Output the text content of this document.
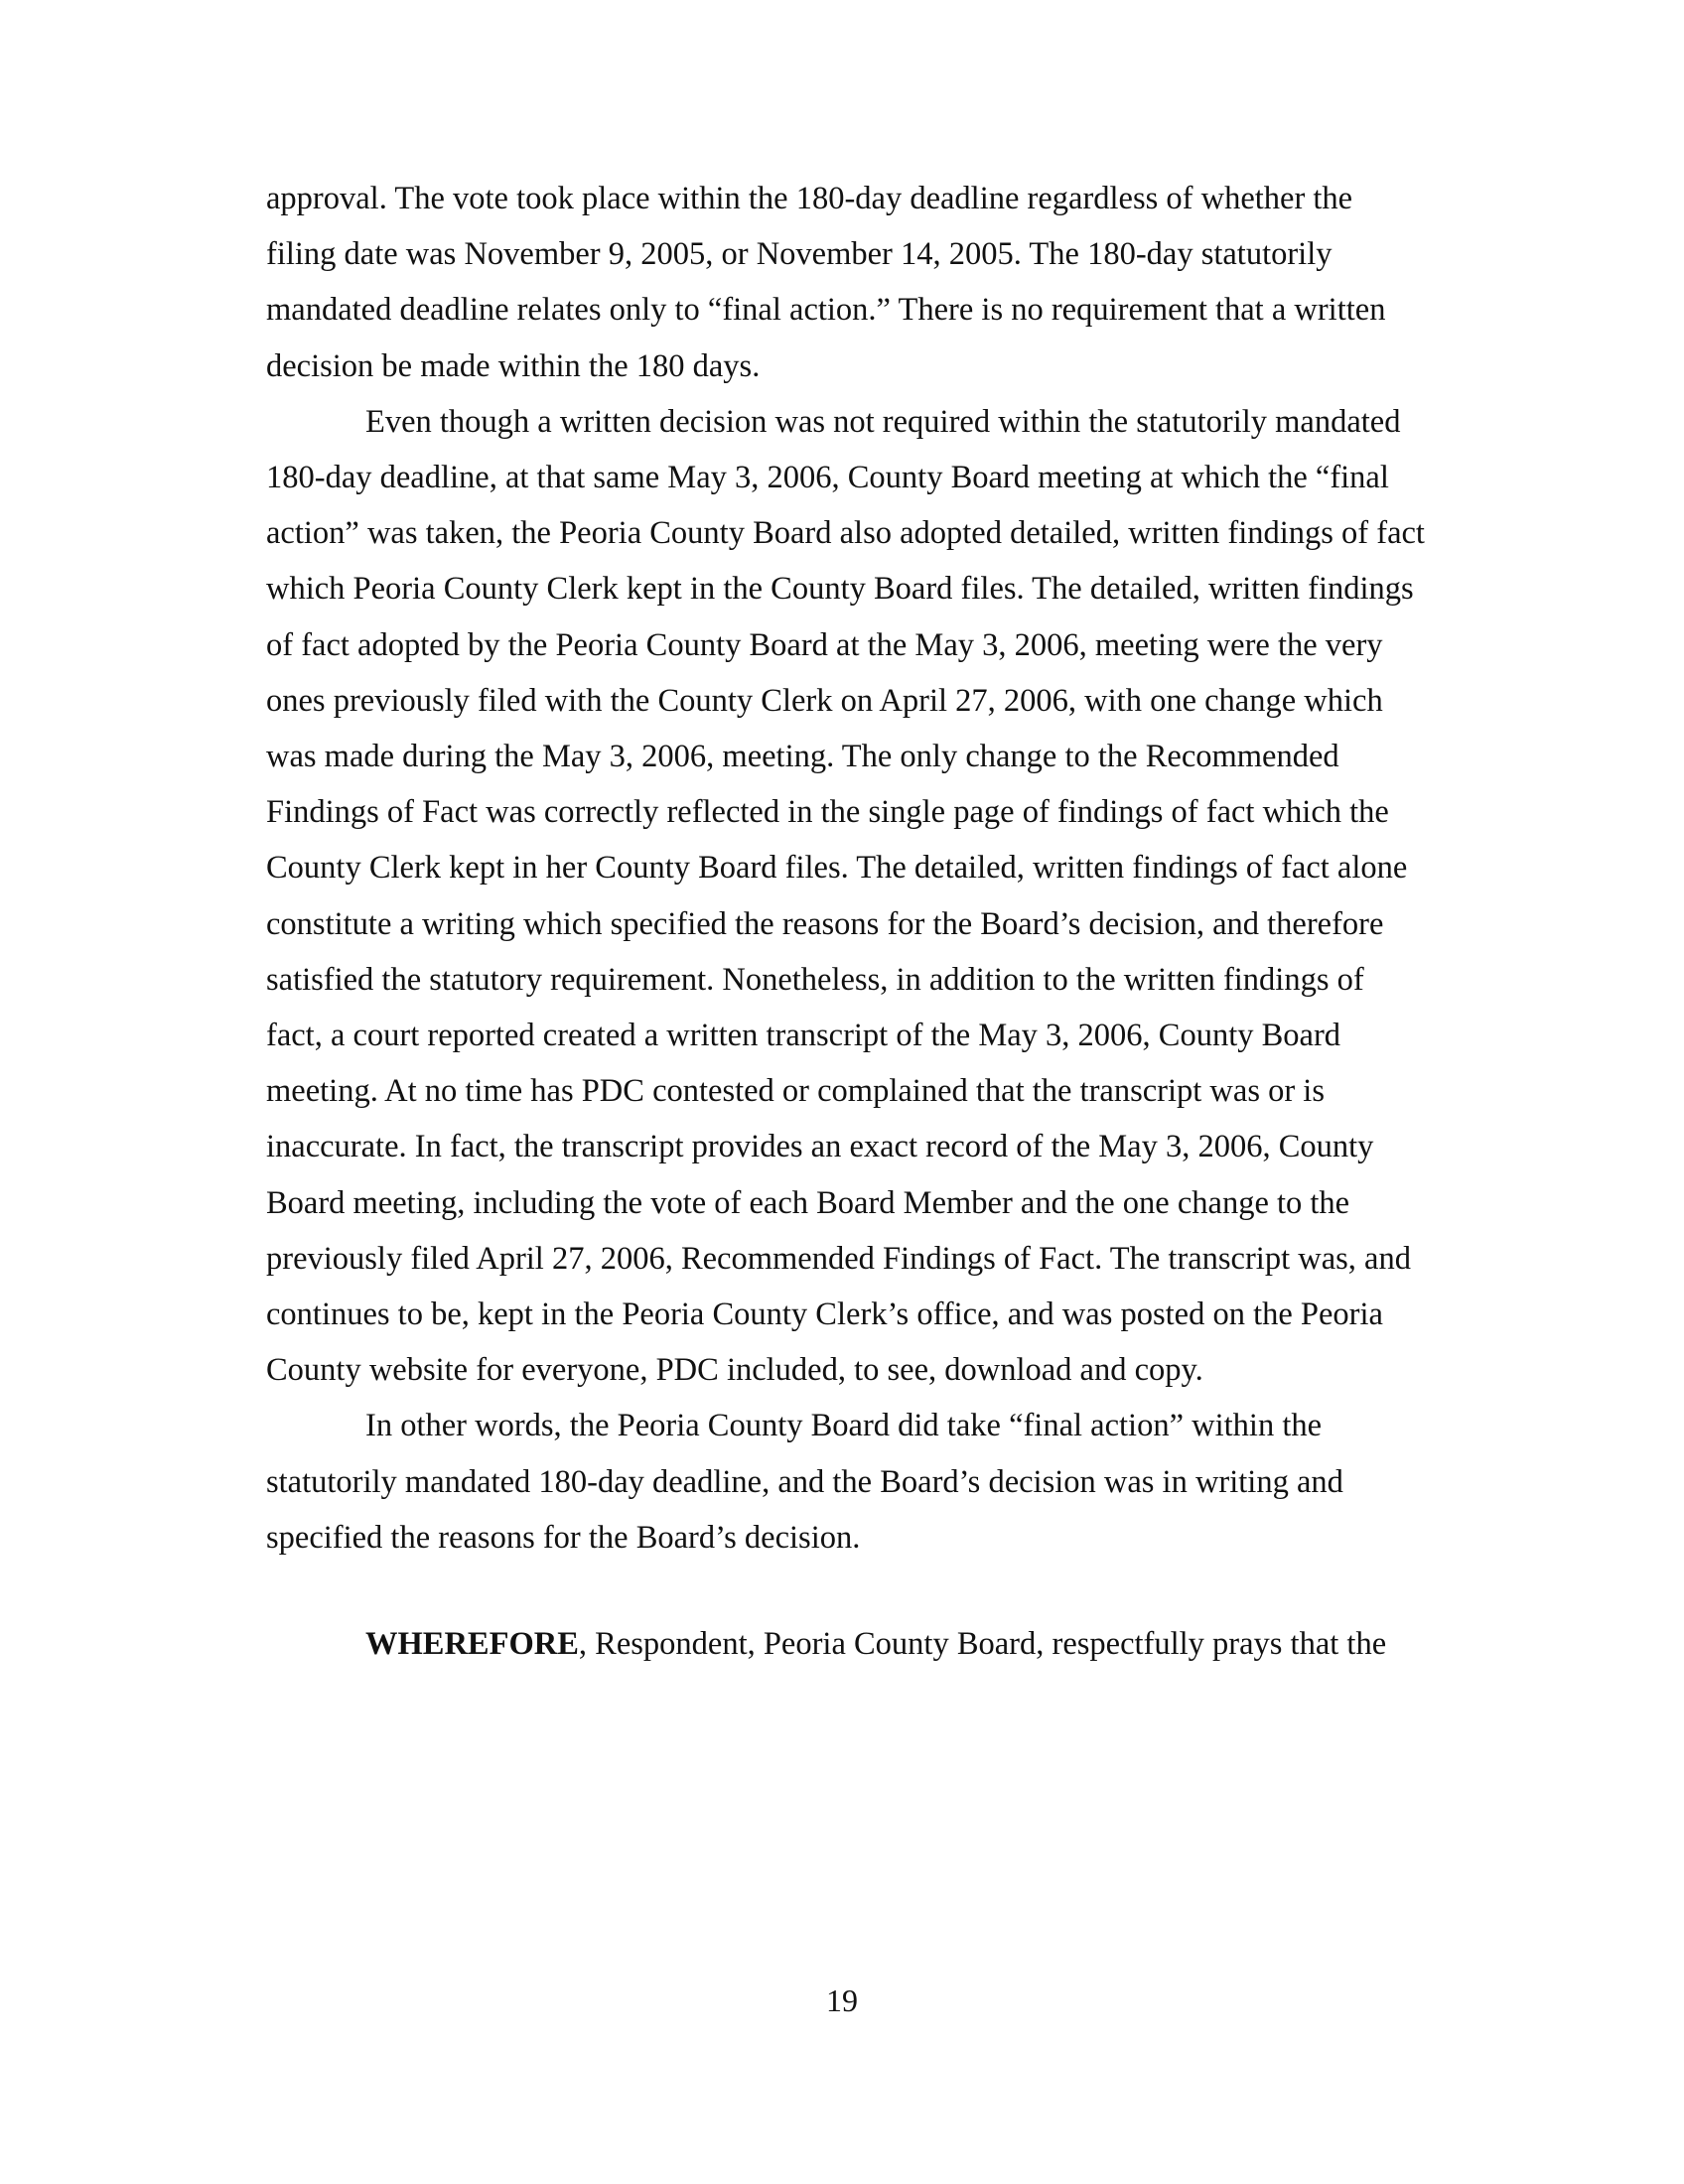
approval. The vote took place within the 180-day deadline regardless of whether the
filing date was November 9, 2005, or November 14, 2005. The 180-day statutorily
mandated deadline relates only to “final action.” There is no requirement that a written
decision be made within the 180 days.

Even though a written decision was not required within the statutorily mandated
180-day deadline, at that same May 3, 2006, County Board meeting at which the “final
action” was taken, the Peoria County Board also adopted detailed, written findings of fact
which Peoria County Clerk kept in the County Board files. The detailed, written findings
of fact adopted by the Peoria County Board at the May 3, 2006, meeting were the very
ones previously filed with the County Clerk on April 27, 2006, with one change which
was made during the May 3, 2006, meeting. The only change to the Recommended
Findings of Fact was correctly reflected in the single page of findings of fact which the
County Clerk kept in her County Board files. The detailed, written findings of fact alone
constitute a writing which specified the reasons for the Board’s decision, and therefore
satisfied the statutory requirement. Nonetheless, in addition to the written findings of
fact, a court reported created a written transcript of the May 3, 2006, County Board
meeting. At no time has PDC contested or complained that the transcript was or is
inaccurate. In fact, the transcript provides an exact record of the May 3, 2006, County
Board meeting, including the vote of each Board Member and the one change to the
previously filed April 27, 2006, Recommended Findings of Fact. The transcript was, and
continues to be, kept in the Peoria County Clerk’s office, and was posted on the Peoria
County website for everyone, PDC included, to see, download and copy.

In other words, the Peoria County Board did take “final action” within the
statutorily mandated 180-day deadline, and the Board’s decision was in writing and
specified the reasons for the Board’s decision.

WHEREFORE, Respondent, Peoria County Board, respectfully prays that the
19
